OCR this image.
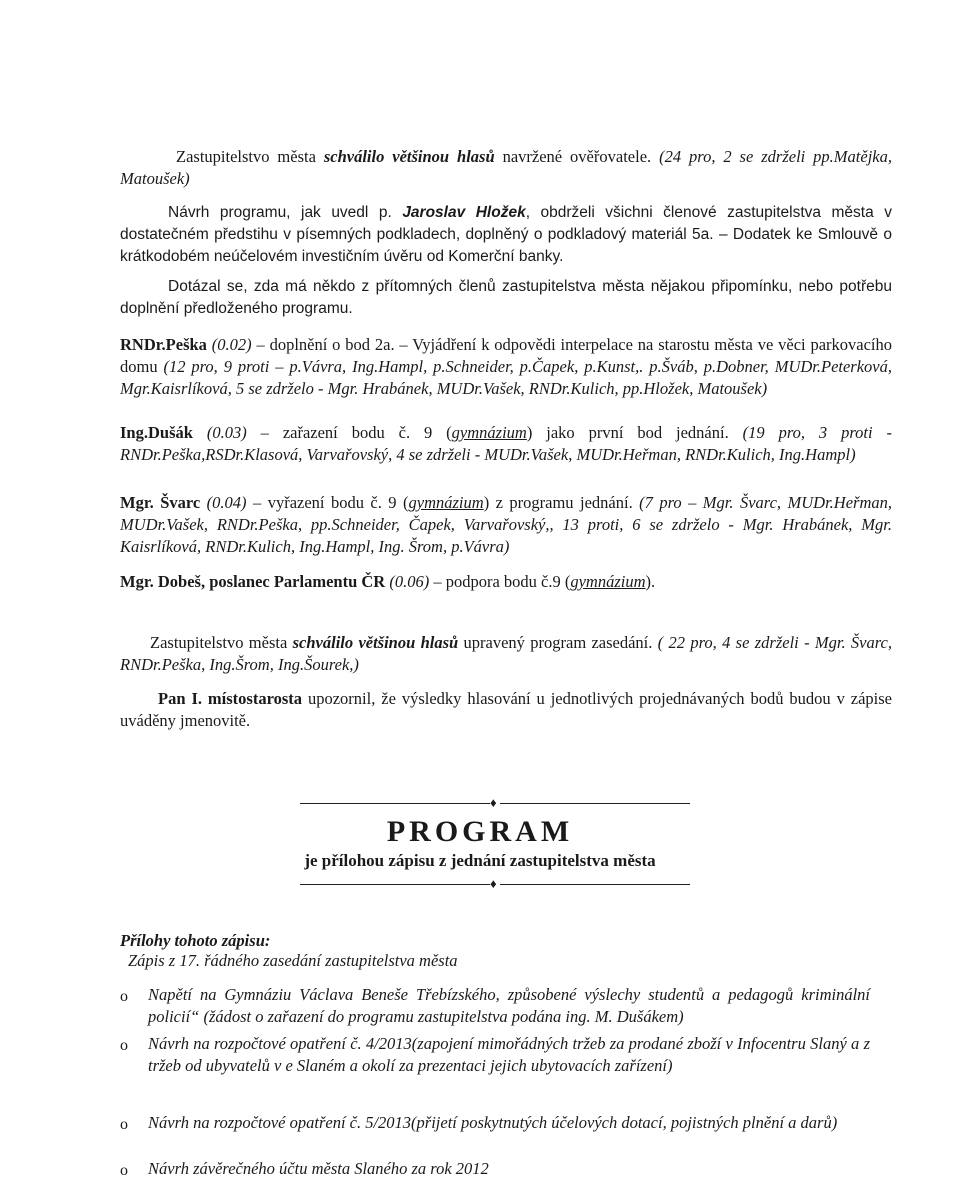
Zastupitelstvo města schválilo většinou hlasů navržené ověřovatele. (24 pro, 2 se zdrželi pp.Matějka, Matoušek)

Návrh programu, jak uvedl p. Jaroslav Hložek, obdrželi všichni členové zastupitelstva města v dostatečném předstihu v písemných podkladech, doplněný o podkladový materiál 5a. – Dodatek ke Smlouvě o krátkodobém neúčelovém investičním úvěru od Komerční banky.

Dotázal se, zda má někdo z přítomných členů zastupitelstva města nějakou připomínku, nebo potřebu doplnění předloženého programu.

RNDr.Peška (0.02) – doplnění o bod 2a. – Vyjádření k odpovědi interpelace na starostu města ve věci parkovacího domu (12 pro, 9 proti – p.Vávra, Ing.Hampl, p.Schneider, p.Čapek, p.Kunst,. p.Šváb, p.Dobner, MUDr.Peterková, Mgr.Kaisrlíková, 5 se zdrželo - Mgr. Hrabánek, MUDr.Vašek, RNDr.Kulich, pp.Hložek, Matoušek)

Ing.Dušák (0.03) – zařazení bodu č. 9 (gymnázium) jako první bod jednání. (19 pro, 3 proti - RNDr.Peška,RSDr.Klasová, Varvařovský, 4 se zdrželi - MUDr.Vašek, MUDr.Heřman, RNDr.Kulich, Ing.Hampl)

Mgr. Švarc (0.04) – vyřazení bodu č. 9 (gymnázium) z programu jednání. (7 pro – Mgr. Švarc, MUDr.Heřman, MUDr.Vašek, RNDr.Peška, pp.Schneider, Čapek, Varvařovský,, 13 proti, 6 se zdrželo - Mgr. Hrabánek, Mgr. Kaisrlíková, RNDr.Kulich, Ing.Hampl, Ing. Šrom, p.Vávra)

Mgr. Dobeš, poslanec Parlamentu ČR (0.06) – podpora bodu č.9 (gymnázium).

Zastupitelstvo města schválilo většinou hlasů upravený program zasedání. ( 22 pro, 4 se zdrželi - Mgr. Švarc, RNDr.Peška, Ing.Šrom, Ing.Šourek,)

Pan I. místostarosta upozornil, že výsledky hlasování u jednotlivých projednávaných bodů budou v zápise uváděny jmenovitě.

♦
PROGRAM
je přílohou zápisu z jednání zastupitelstva města
♦
Přílohy tohoto zápisu:
Zápis z 17. řádného zasedání zastupitelstva města
o Napětí na Gymnáziu Václava Beneše Třebízského, způsobené výslechy studentů a pedagogů kriminální policií“ (žádost o zařazení do programu zastupitelstva podána ing. M. Dušákem)
o Návrh na rozpočtové opatření č. 4/2013(zapojení mimořádných tržeb za prodané zboží v Infocentru Slaný a z tržeb od ubyvatelů v e Slaném a okolí za prezentaci jejich ubytovacích zařízení)
o Návrh na rozpočtové opatření č. 5/2013(přijetí poskytnutých účelových dotací, pojistných plnění a darů)
o Návrh závěrečného účtu města Slaného za rok 2012
